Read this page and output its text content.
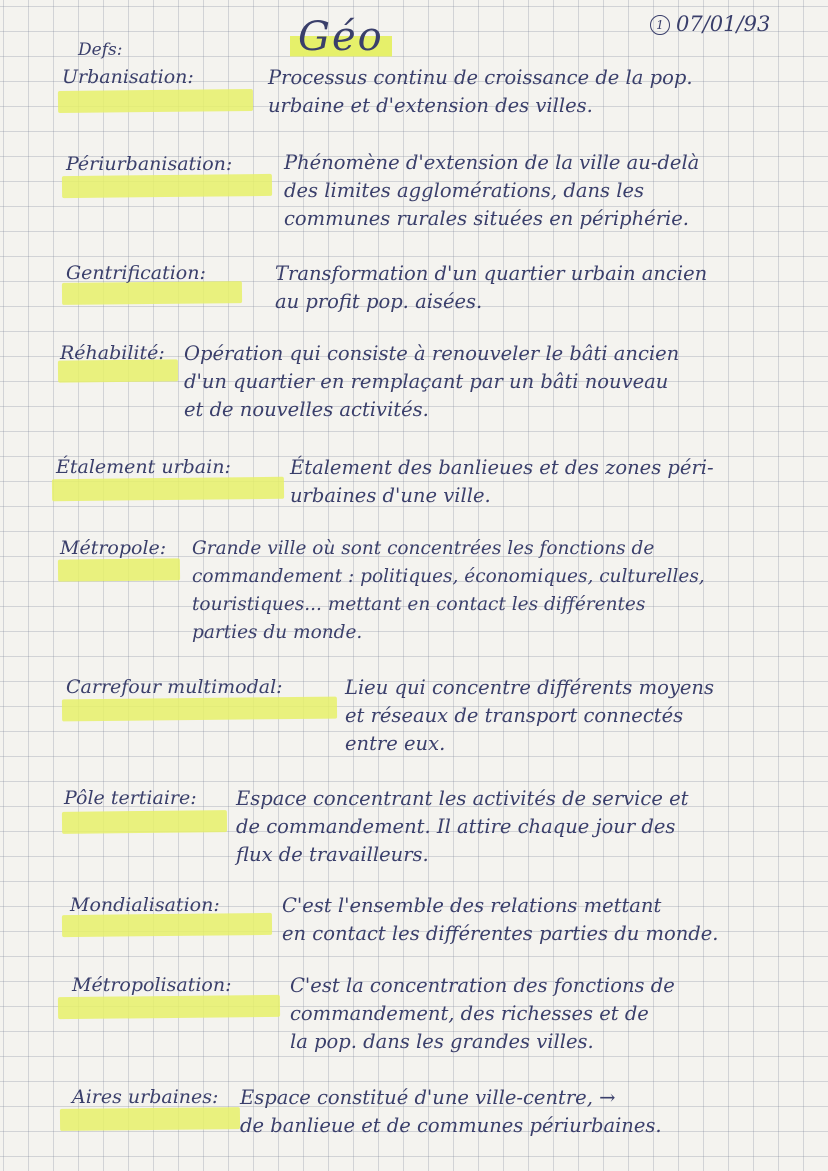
Géo	1 07/01/93
Defs:
Urbanisation:	Processus continu de croissance de la pop.
urbaine et d'extension des villes.
Périurbanisation:	Phénomène d'extension de la ville au-delà
des limites agglomérations, dans les
communes rurales situées en périphérie.
Gentrification:	Transformation d'un quartier urbain ancien
au profit pop. aisées.
Réhabilité: Opération qui consiste à renouveler le bâti ancien
d'un quartier en remplaçant par un bâti nouveau
et de nouvelles activités.
Étalement urbain:	Étalement des banlieues et des zones péri-
urbaines d'une ville.
Métropole: Grande ville où sont concentrées les fonctions de
commandement : politiques, économiques, culturelles,
touristiques... mettant en contact les différentes
parties du monde.
Carrefour multimodal:	Lieu qui concentre différents moyens
et réseaux de transport connectés
entre eux.
Pôle tertiaire: Espace concentrant les activités de service et
de commandement. Il attire chaque jour des
flux de travailleurs.
Mondialisation:	C'est l'ensemble des relations mettant
en contact les différentes parties du monde.
Métropolisation:	C'est la concentration des fonctions de
commandement, des richesses et de
la pop. dans les grandes villes.
Aires urbaines: Espace constitué d'une ville-centre, →
de banlieue et de communes périurbaines.
